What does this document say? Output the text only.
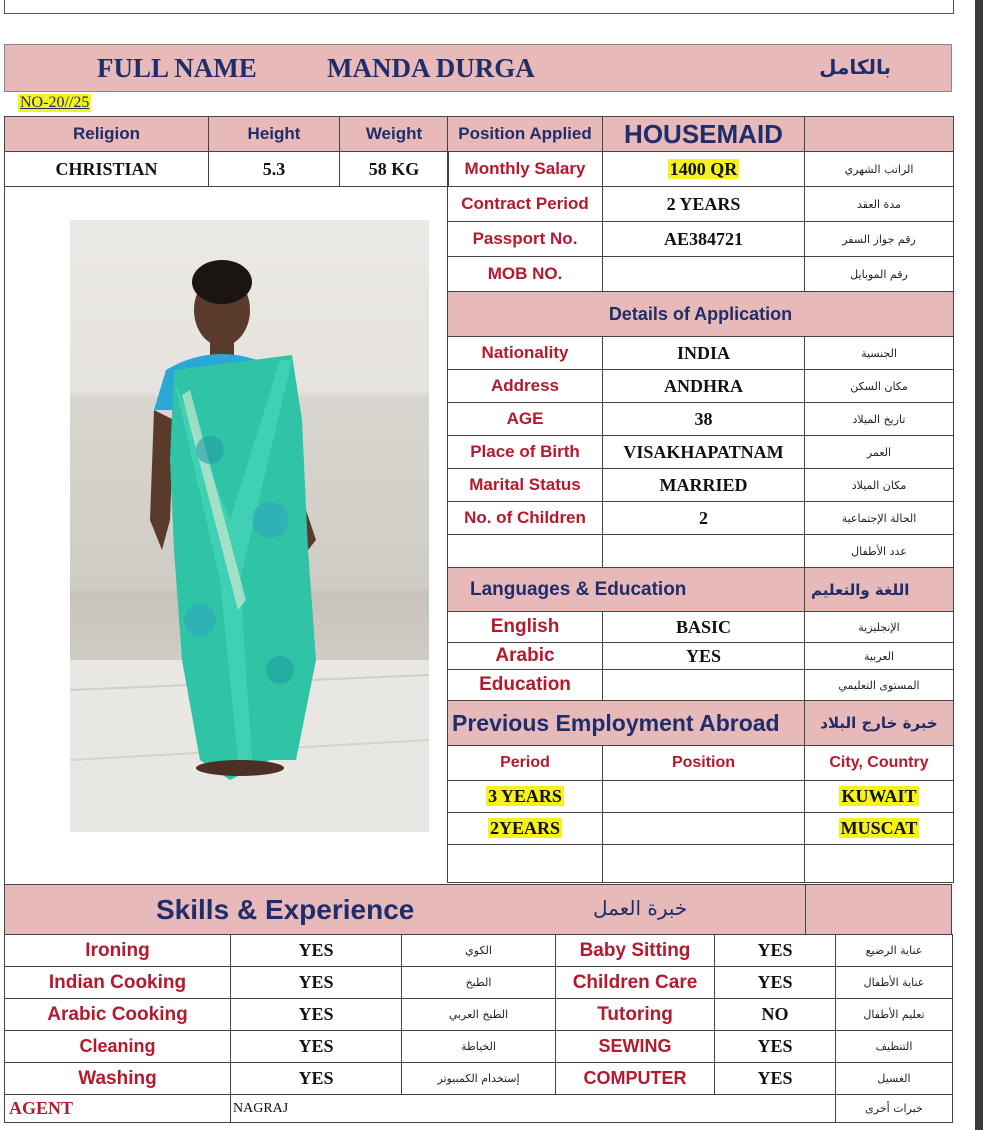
FULL NAME	MANDA DURGA	بالكامل
NO-20//25
Religion	Height	Weight
CHRISTIAN	5.3	58 KG
Position Applied	HOUSEMAID	
Monthly Salary	1400 QR	الراتب الشهري
Contract Period	2 YEARS	مدة العقد
Passport No.	AE384721	رقم جواز السفر
MOB NO.		رقم الموبايل
Details of Application		
Nationality	INDIA	الجنسية
Address	ANDHRA	مكان السكن
AGE	38	تاريخ الميلاد
Place of Birth	VISAKHAPATNAM	العمر
Marital Status	MARRIED	مكان الميلاد
No. of Children	2	الحالة الإجتماعية
		عدد الأطفال
Languages & Education		اللغة والتعليم
English	BASIC	الإنجليزية
Arabic	YES	العربية
Education		المستوى التعليمي
Previous Employment Abroad		خبرة خارج البلاد
Period	Position	City, Country
3 YEARS		KUWAIT
2YEARS		MUSCAT

Skills & Experience	خبرة العمل
Ironing	YES	الكوي	Baby Sitting	YES	عناية الرضيع
Indian Cooking	YES	الطبخ	Children Care	YES	عناية الأطفال
Arabic Cooking	YES	الطبخ العربي	Tutoring	NO	تعليم الأطفال
Cleaning	YES	الخياطة	SEWING	YES	التنظيف
Washing	YES	إستخدام الكمبيوتر	COMPUTER	YES	الغسيل
AGENT	NAGRAJ				خبرات أخرى
